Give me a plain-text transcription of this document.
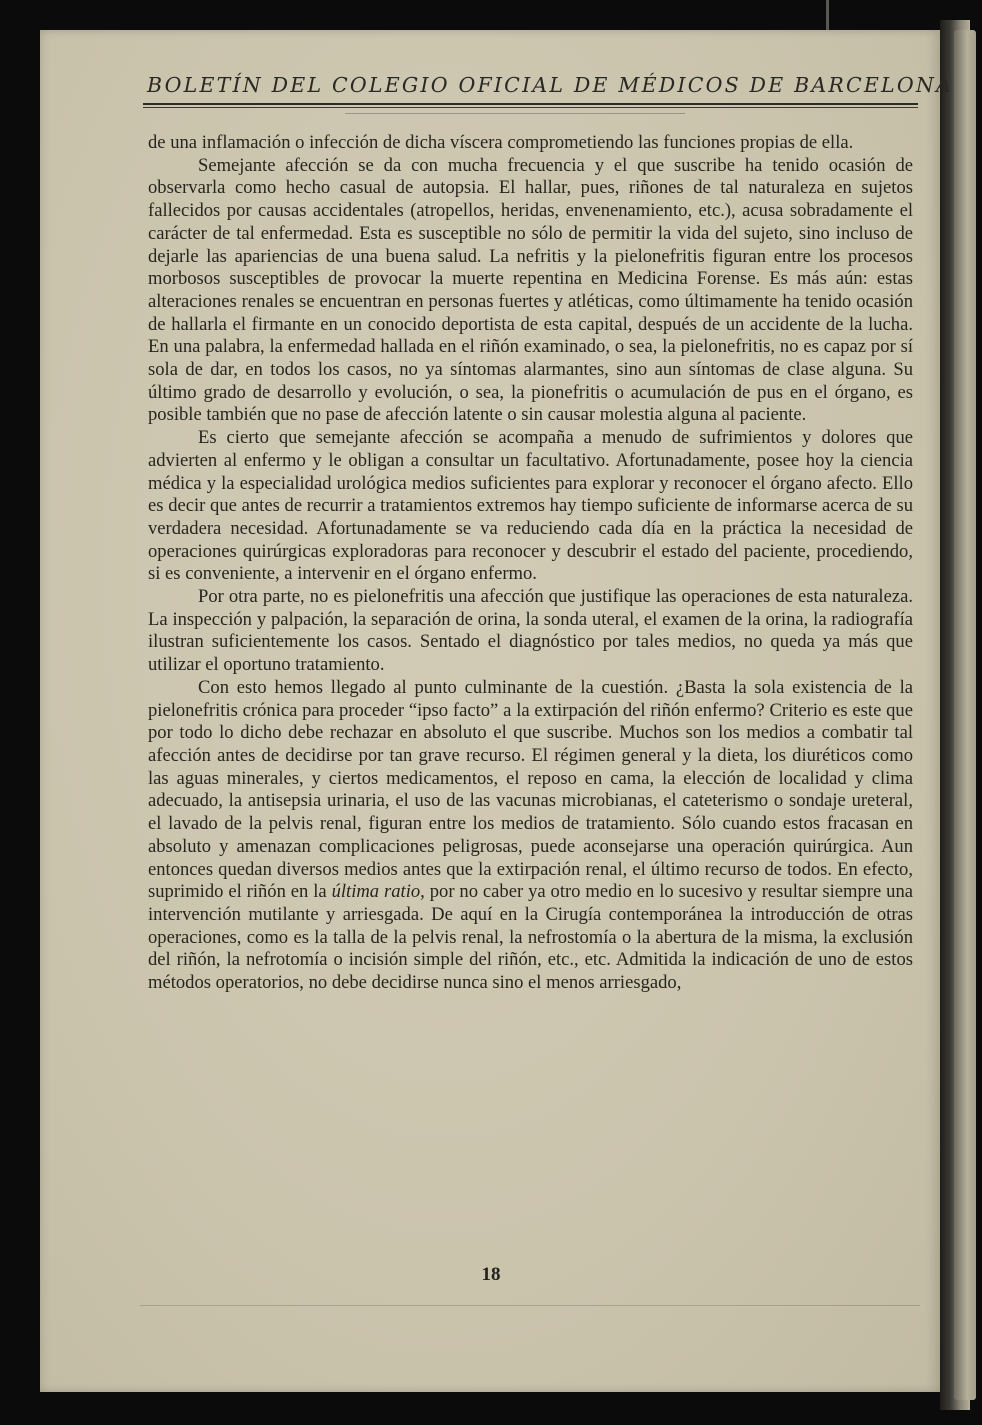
BOLETÍN DEL COLEGIO OFICIAL DE MÉDICOS DE BARCELONA

de una inflamación o infección de dicha víscera comprometiendo las funciones propias de ella.

Semejante afección se da con mucha frecuencia y el que suscribe ha tenido ocasión de observarla como hecho casual de autopsia. El hallar, pues, riñones de tal naturaleza en sujetos fallecidos por causas accidentales (atropellos, heridas, envenenamiento, etc.), acusa sobradamente el carácter de tal enfermedad. Esta es susceptible no sólo de permitir la vida del sujeto, sino incluso de dejarle las apariencias de una buena salud. La nefritis y la pielonefritis figuran entre los procesos morbosos susceptibles de provocar la muerte repentina en Medicina Forense. Es más aún: estas alteraciones renales se encuentran en personas fuertes y atléticas, como últimamente ha tenido ocasión de hallarla el firmante en un conocido deportista de esta capital, después de un accidente de la lucha. En una palabra, la enfermedad hallada en el riñón examinado, o sea, la pielonefritis, no es capaz por sí sola de dar, en todos los casos, no ya síntomas alarmantes, sino aun síntomas de clase alguna. Su último grado de desarrollo y evolución, o sea, la pionefritis o acumulación de pus en el órgano, es posible también que no pase de afección latente o sin causar molestia alguna al paciente.

Es cierto que semejante afección se acompaña a menudo de sufrimientos y dolores que advierten al enfermo y le obligan a consultar un facultativo. Afortunadamente, posee hoy la ciencia médica y la especialidad urológica medios suficientes para explorar y reconocer el órgano afecto. Ello es decir que antes de recurrir a tratamientos extremos hay tiempo suficiente de informarse acerca de su verdadera necesidad. Afortunadamente se va reduciendo cada día en la práctica la necesidad de operaciones quirúrgicas exploradoras para reconocer y descubrir el estado del paciente, procediendo, si es conveniente, a intervenir en el órgano enfermo.

Por otra parte, no es pielonefritis una afección que justifique las operaciones de esta naturaleza. La inspección y palpación, la separación de orina, la sonda uteral, el examen de la orina, la radiografía ilustran suficientemente los casos. Sentado el diagnóstico por tales medios, no queda ya más que utilizar el oportuno tratamiento.

Con esto hemos llegado al punto culminante de la cuestión. ¿Basta la sola existencia de la pielonefritis crónica para proceder “ipso facto” a la extirpación del riñón enfermo? Criterio es este que por todo lo dicho debe rechazar en absoluto el que suscribe. Muchos son los medios a combatir tal afección antes de decidirse por tan grave recurso. El régimen general y la dieta, los diuréticos como las aguas minerales, y ciertos medicamentos, el reposo en cama, la elección de localidad y clima adecuado, la antisepsia urinaria, el uso de las vacunas microbianas, el cateterismo o sondaje ureteral, el lavado de la pelvis renal, figuran entre los medios de tratamiento. Sólo cuando estos fracasan en absoluto y amenazan complicaciones peligrosas, puede aconsejarse una operación quirúrgica. Aun entonces quedan diversos medios antes que la extirpación renal, el último recurso de todos. En efecto, suprimido el riñón en la última ratio, por no caber ya otro medio en lo sucesivo y resultar siempre una intervención mutilante y arriesgada. De aquí en la Cirugía contemporánea la introducción de otras operaciones, como es la talla de la pelvis renal, la nefrostomía o la abertura de la misma, la exclusión del riñón, la nefrotomía o incisión simple del riñón, etc., etc. Admitida la indicación de uno de estos métodos operatorios, no debe decidirse nunca sino el menos arriesgado,

18
